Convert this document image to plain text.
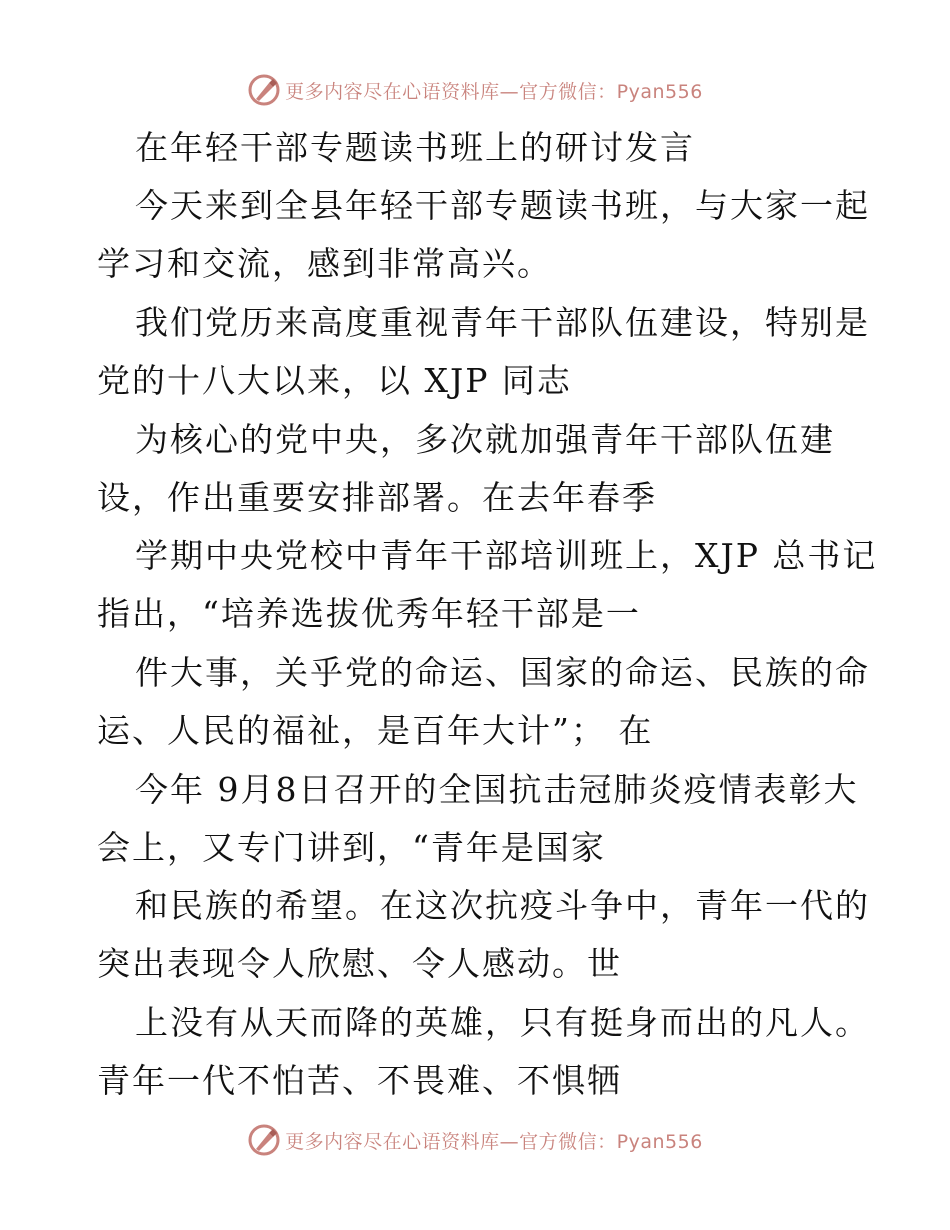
更多内容尽在心语资料库—官方微信：Pyan556
在年轻干部专题读书班上的研讨发言
今天来到全县年轻干部专题读书班，与大家一起
学习和交流，感到非常高兴。
我们党历来高度重视青年干部队伍建设，特别是
党的十八大以来，以 XJP 同志
为核心的党中央，多次就加强青年干部队伍建
设，作出重要安排部署。在去年春季
学期中央党校中青年干部培训班上，XJP 总书记
指出，“培养选拔优秀年轻干部是一
件大事，关乎党的命运、国家的命运、民族的命
运、人民的福祉，是百年大计”； 在
今年 9月8日召开的全国抗击冠肺炎疫情表彰大
会上，又专门讲到，“青年是国家
和民族的希望。在这次抗疫斗争中，青年一代的
突出表现令人欣慰、令人感动。世
上没有从天而降的英雄，只有挺身而出的凡人。
青年一代不怕苦、不畏难、不惧牺
更多内容尽在心语资料库—官方微信：Pyan556
